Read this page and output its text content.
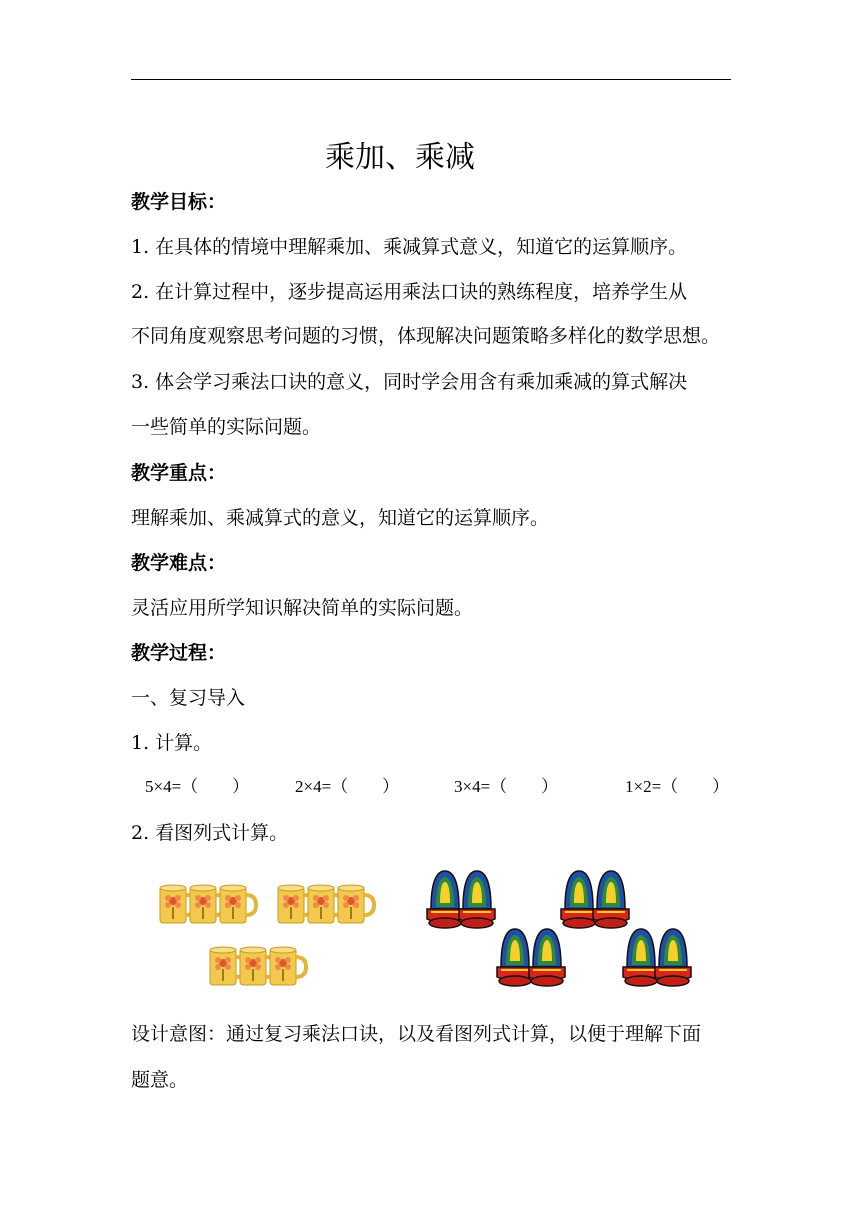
乘加、乘减
教学目标：
1. 在具体的情境中理解乘加、乘减算式意义，知道它的运算顺序。
2. 在计算过程中，逐步提高运用乘法口诀的熟练程度，培养学生从
不同角度观察思考问题的习惯，体现解决问题策略多样化的数学思想。
3. 体会学习乘法口诀的意义，同时学会用含有乘加乘减的算式解决
一些简单的实际问题。
教学重点：
理解乘加、乘减算式的意义，知道它的运算顺序。
教学难点：
灵活应用所学知识解决简单的实际问题。
教学过程：
一、复习导入
1. 计算。
5×4=（　　）	2×4=（　　）	3×4=（　　）	1×2=（　　）
2. 看图列式计算。
设计意图：通过复习乘法口诀，以及看图列式计算，以便于理解下面
题意。
